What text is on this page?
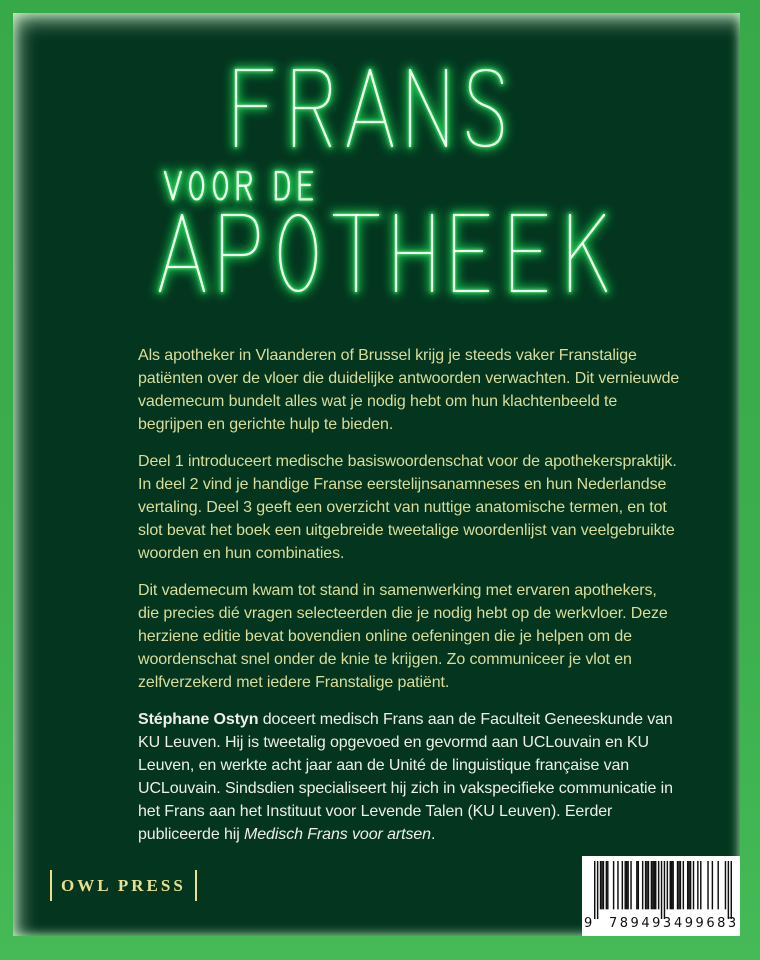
Als apotheker in Vlaanderen of Brussel krijg je steeds vaker Franstalige patiënten over de vloer die duidelijke antwoorden verwachten. Dit vernieuwde vademecum bundelt alles wat je nodig hebt om hun klachtenbeeld te begrijpen en gerichte hulp te bieden.

Deel 1 introduceert medische basiswoordenschat voor de apothekerspraktijk. In deel 2 vind je handige Franse eerstelijnsanamneses en hun Nederlandse vertaling. Deel 3 geeft een overzicht van nuttige anatomische termen, en tot slot bevat het boek een uitgebreide tweetalige woordenlijst van veelgebruikte woorden en hun combinaties.

Dit vademecum kwam tot stand in samenwerking met ervaren apothekers, die precies dié vragen selecteerden die je nodig hebt op de werkvloer. Deze herziene editie bevat bovendien online oefeningen die je helpen om de woordenschat snel onder de knie te krijgen. Zo communiceer je vlot en zelfverzekerd met iedere Franstalige patiënt.

Stéphane Ostyn doceert medisch Frans aan de Faculteit Geneeskunde van KU Leuven. Hij is tweetalig opgevoed en gevormd aan UCLouvain en KU Leuven, en werkte acht jaar aan de Unité de linguistique française van UCLouvain. Sindsdien specialiseert hij zich in vakspecifieke communicatie in het Frans aan het Instituut voor Levende Talen (KU Leuven). Eerder publiceerde hij Medisch Frans voor artsen.

OWL PRESS
9 789493 499683
